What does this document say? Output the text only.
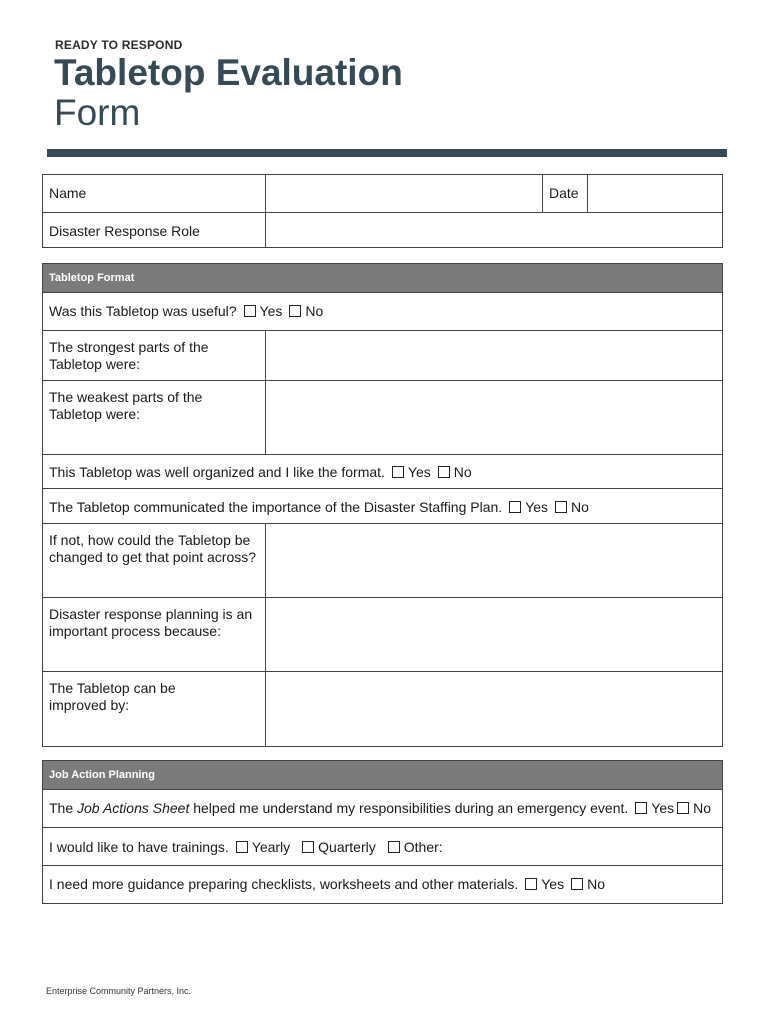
READY TO RESPOND
Tabletop Evaluation
Form
Name	Date
Disaster Response Role
Tabletop Format
Was this Tabletop was useful? Yes No
The strongest parts of the
Tabletop were:
The weakest parts of the
Tabletop were:
This Tabletop was well organized and I like the format. Yes No
The Tabletop communicated the importance of the Disaster Staffing Plan. Yes No
If not, how could the Tabletop be
changed to get that point across?
Disaster response planning is an
important process because:
The Tabletop can be
improved by:
Job Action Planning
The Job Actions Sheet helped me understand my responsibilities during an emergency event. Yes No
I would like to have trainings. Yearly Quarterly Other:
I need more guidance preparing checklists, worksheets and other materials. Yes No
Enterprise Community Partners, Inc.
